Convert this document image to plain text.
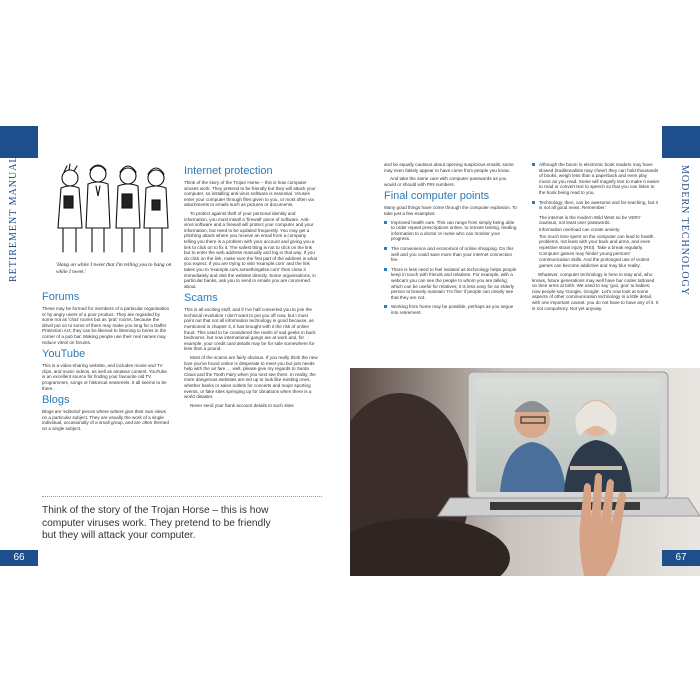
RETIREMENT MANUAL	MODERN TECHNOLOGY
'Hang on while I tweet that I'm telling you to hang on while I tweet.'
Forums

These may be formed for members of a particular organisation or by angry users of a poor product. They are regarded by some not as 'chat' rooms but as 'prat' rooms, because the drivel put on to some of them may make you long for a Daffer Protection Act; they can be likened to listening to bores in the corner of a pub bar. Making people use their real names may reduce vitriol on forums.

YouTube

This is a video-sharing website, and includes movie and TV clips, and music videos, as well as amateur content. YouTube is an excellent source for finding your favourite old TV programmes, songs or historical newsreels. It all seems to be there.

Blogs

Blogs are 'editorial' pieces where writers give their own views on a particular subject. They are usually the work of a single individual, occasionally of a small group, and are often themed on a single subject.

Internet protection

Think of the story of the Trojan Horse – this is how computer viruses work. They pretend to be friendly but they will attack your computer, so installing anti-virus software is essential. Viruses enter your computer through files given to you, or most often via attachments to emails such as pictures or documents.

To protect against theft of your personal identity and information, you must install a 'firewall' piece of software. Anti-virus software and a firewall will protect your computer and your information, but need to be updated frequently. You may get a phishing attack where you receive an email from a company telling you there is a problem with your account and giving you a link to click on to fix it. The safest thing is not to click on the link but to enter the web address manually and log in that way. If you do click on the link, make sure the first part of the address is what you expect. If you are trying to visit 'example.com' and the link takes you to 'example.com.somethingelse.com' then close it immediately and visit the website directly. Some organisations, in particular banks, ask you to send in emails you are concerned about.

Scams

This is all exciting stuff, and if I've half converted you to join the technical revolution I don't want to put you off now, but I must point out that not all information technology is good because, as mentioned in chapter 3, it has brought with it the risk of online fraud. This used to be considered the realm of sad geeks in back bedrooms, but now international gangs are at work and, for example, your credit card details may be for sale somewhere for less than a pound.

Most of the scams are fairly obvious. If you really think the new love you've found online is desperate to meet you but just needs help with the air fare … well, please give my regards to Santa Claus and the Tooth Fairy when you next see them. In reality, the more dangerous websites are set up to look like existing ones, whether banks or sales outlets for concerts and major sporting events, or fake sites springing up for donations when there is a world disaster.

Never send your bank account details to such sites

Think of the story of the Trojan Horse – this is how computer viruses work. They pretend to be friendly but they will attack your computer.

and be equally cautious about opening suspicious emails; some may even falsely appear to have come from people you know.

And take the same care with computer passwords as you would or should with PIN numbers.

Final computer points

Many good things have come through the computer explosion. To take just a few examples:

Improved health care. This can range from simply being able to order repeat prescriptions online, to remote testing, feeding information to a doctor or nurse who can monitor your progress.
The convenience and economics of online shopping. Do this well and you could save more than your internet connection fee.
There is less need to feel isolated as technology helps people keep in touch with friends and relatives. For example, with a webcam you can see the people to whom you are talking, which can be useful for relatives; it is less easy for an elderly person to bravely maintain 'I'm fine' if people can clearly see that they are not.
Working from home may be possible, perhaps as you segue into retirement.
Although the boom in electronic book readers may have slowed (traditionalists may cheer) they can hold thousands of books, weigh less than a paperback and even play music as you read. Some will magnify text to make it easier to read or convert text to speech so that you can listen to the book being read to you.
Technology, then, can be awesome and far-reaching, but it is not all good news. Remember:
The internet is the modern Wild West so be VERY cautious, not least over passwords.
Information overload can create anxiety.
Too much time spent on the computer can lead to health problems, not least with your back and arms, and even repetitive strain injury (RSI). Take a break regularly.
Computer games may hinder young persons' communication skills. And the prolonged use of violent games can become addictive and may blur reality.

Whatever, computer technology is here to stay and, who knows, future generations may well have bar codes tattooed on their arms at birth. We used to say 'goo, goo' to babies; now people say 'Google, Google'. Let's now look at some aspects of other communication technology in a little detail, with one important caveat: you do not have to have any of it. It is not compulsory. Not yet anyway.

66	67
